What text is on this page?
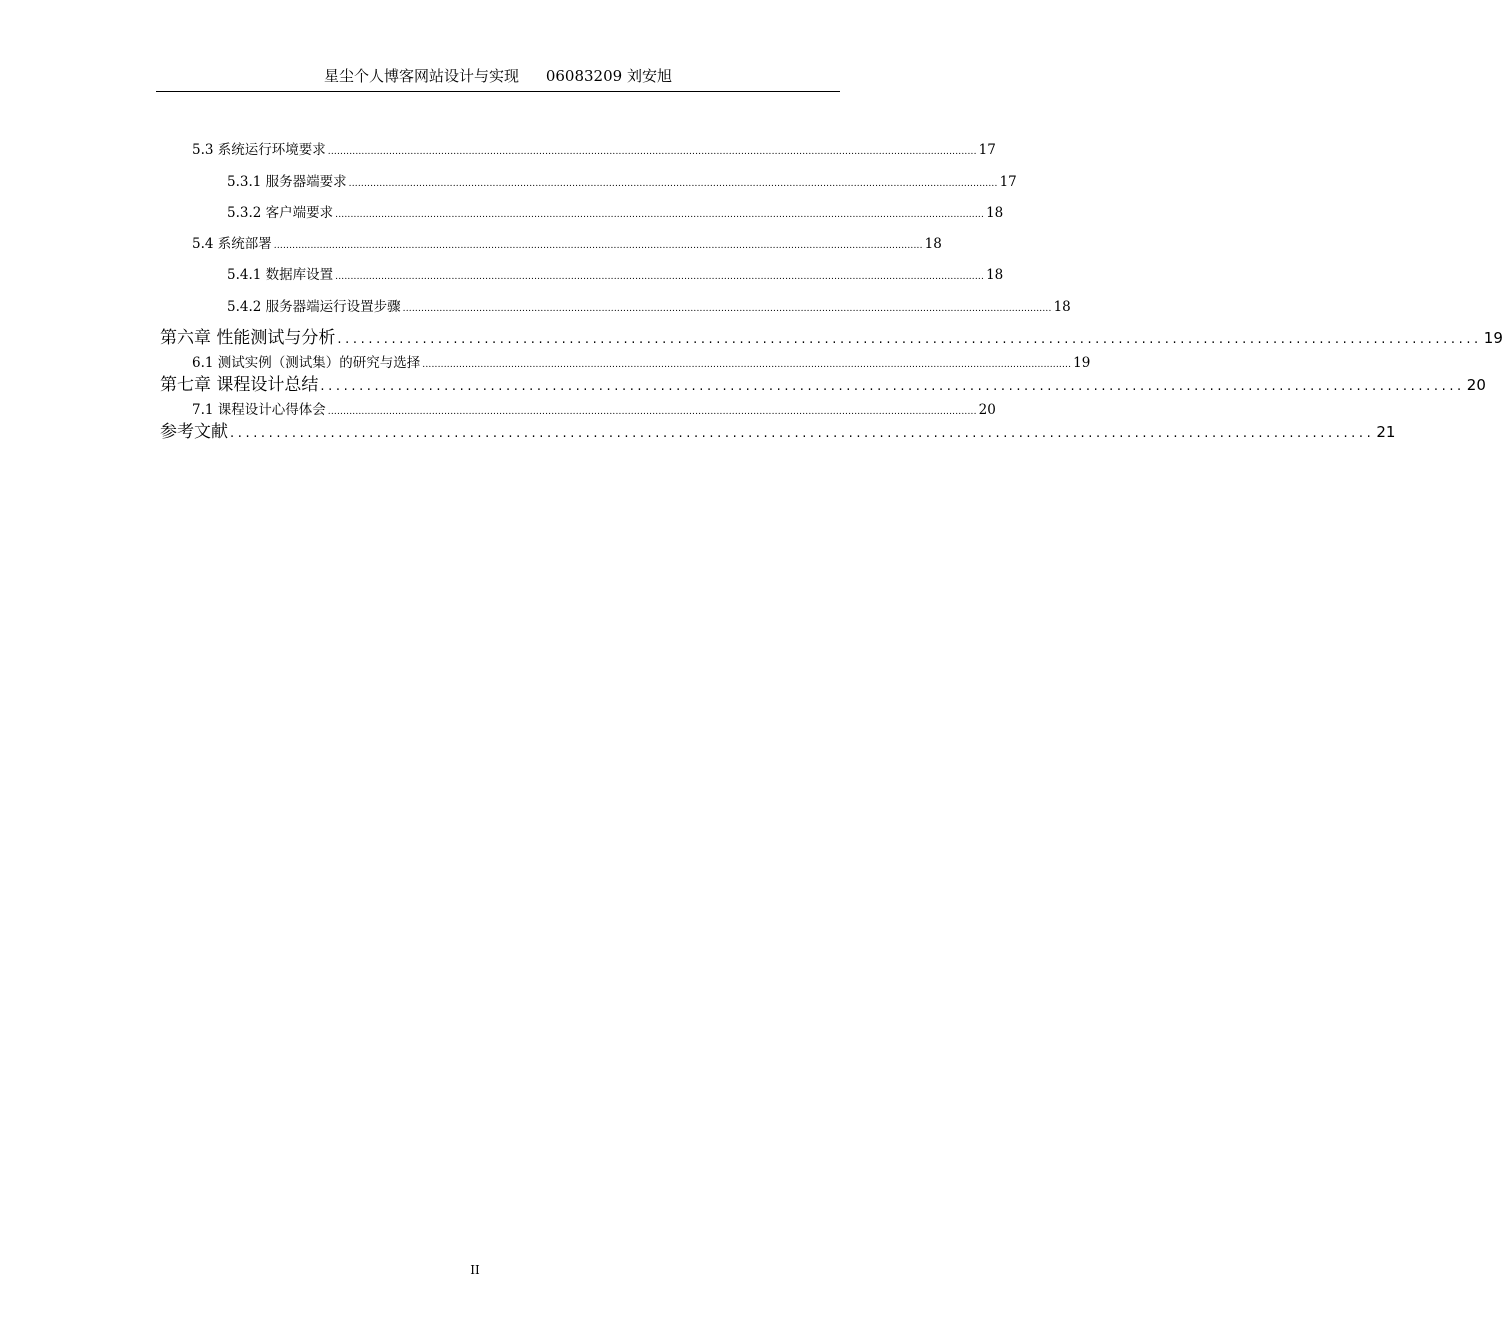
星尘个人博客网站设计与实现 06083209 刘安旭
5.3 系统运行环境要求 .................................................................................................................................................................................................................... 17
5.3.1 服务器端要求 .................................................................................................................................................................................................................... 17
5.3.2 客户端要求 .................................................................................................................................................................................................................... 18
5.4 系统部署 .................................................................................................................................................................................................................... 18
5.4.1 数据库设置 .................................................................................................................................................................................................................... 18
5.4.2 服务器端运行设置步骤 .................................................................................................................................................................................................................... 18
第六章 性能测试与分析 .................................................................................................................................................... 19
6.1 测试实例（测试集）的研究与选择 .................................................................................................................................................................................................................... 19
第七章 课程设计总结 .................................................................................................................................................... 20
7.1 课程设计心得体会 .................................................................................................................................................................................................................... 20
参考文献 .................................................................................................................................................... 21
II
